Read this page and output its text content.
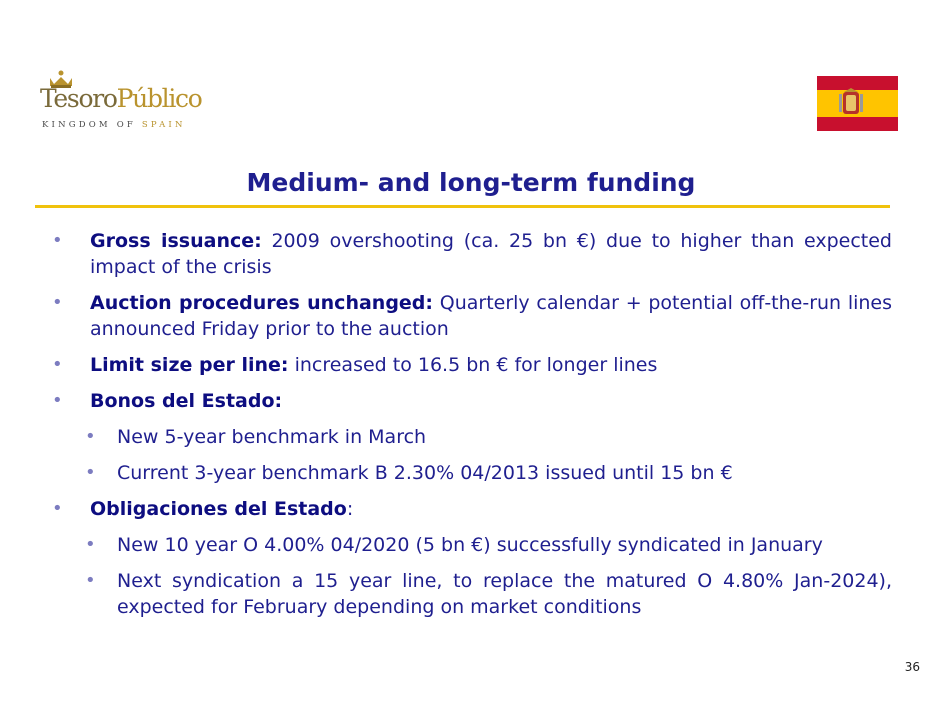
TesoroPúblico
KINGDOM OF SPAIN
Medium- and long-term funding
• Gross issuance: 2009 overshooting (ca. 25 bn €) due to higher than expected impact of the crisis
• Auction procedures unchanged: Quarterly calendar + potential off-the-run lines announced Friday prior to the auction
• Limit size per line: increased to 16.5 bn € for longer lines
• Bonos del Estado:
• New 5-year benchmark in March
• Current 3-year benchmark B 2.30% 04/2013 issued until 15 bn €
• Obligaciones del Estado:
• New 10 year O 4.00% 04/2020 (5 bn €) successfully syndicated in January
• Next syndication a 15 year line, to replace the matured O 4.80% Jan-2024), expected for February depending on market conditions
36
